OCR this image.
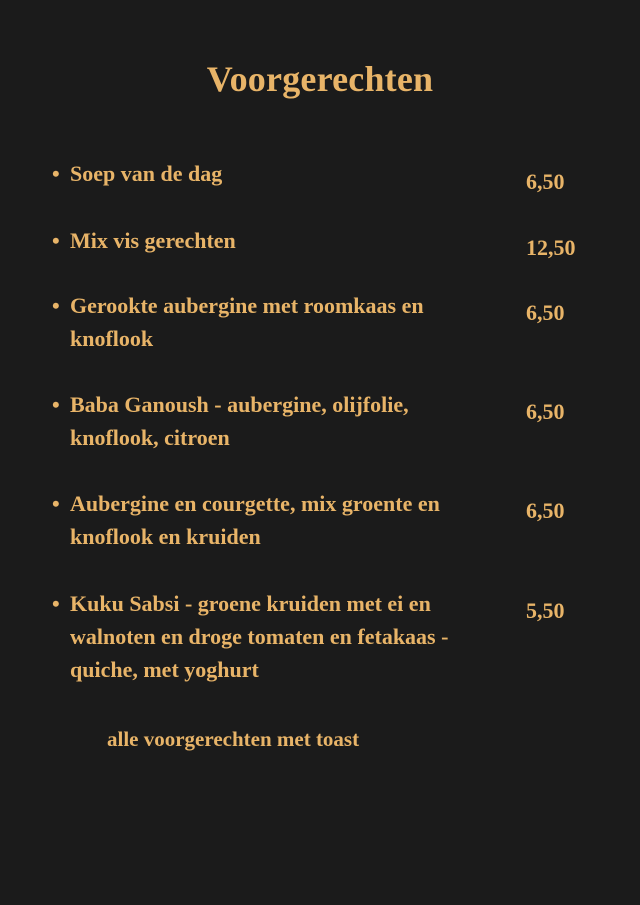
Voorgerechten
• Soep van de dag	6,50
• Mix vis gerechten	12,50
• Gerookte aubergine met roomkaas en knoflook
6,50
• Baba Ganoush - aubergine, olijfolie, knoflook, citroen
6,50
• Aubergine en courgette, mix groente en knoflook en kruiden
6,50
• Kuku Sabsi - groene kruiden met ei en walnoten en droge tomaten en fetakaas - quiche, met yoghurt
5,50
alle voorgerechten met toast
